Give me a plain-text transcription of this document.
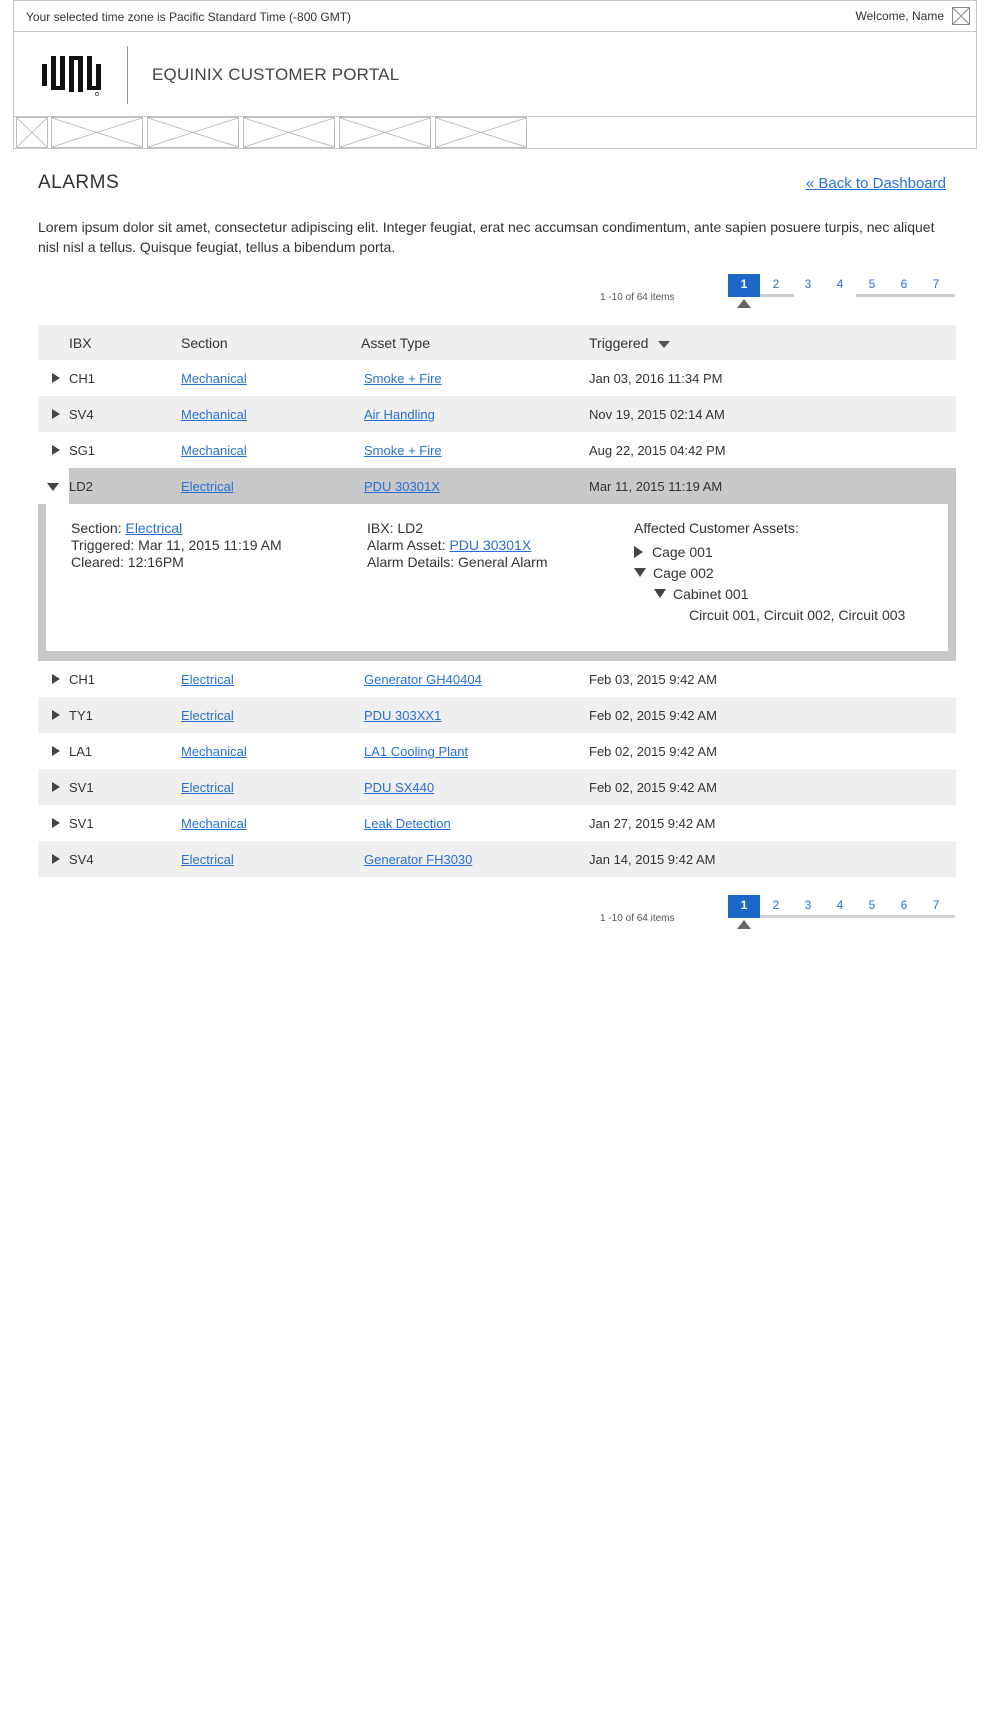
Your selected time zone is Pacific Standard Time (-800 GMT)	Welcome, Name
EQUINIX CUSTOMER PORTAL
ALARMS	« Back to Dashboard
Lorem ipsum dolor sit amet, consectetur adipiscing elit. Integer feugiat, erat nec accumsan condimentum, ante sapien posuere turpis, nec aliquet nisl nisl a tellus. Quisque feugiat, tellus a bibendum porta.
1 -10 of 64 items
1	2	3	4	5	6	7
IBX	Section	Asset Type	Triggered
CH1	Mechanical	Smoke + Fire	Jan 03, 2016 11:34 PM
SV4	Mechanical	Air Handling	Nov 19, 2015 02:14 AM
SG1	Mechanical	Smoke + Fire	Aug 22, 2015 04:42 PM
LD2	Electrical	PDU 30301X	Mar 11, 2015 11:19 AM
Section: Electrical
Triggered: Mar 11, 2015 11:19 AM
Cleared: 12:16PM
IBX: LD2
Alarm Asset: PDU 30301X
Alarm Details: General Alarm
Affected Customer Assets:
Cage 001
Cage 002
Cabinet 001
Circuit 001, Circuit 002, Circuit 003
CH1	Electrical	Generator GH40404	Feb 03, 2015 9:42 AM
TY1	Electrical	PDU 303XX1	Feb 02, 2015 9:42 AM
LA1	Mechanical	LA1 Cooling Plant	Feb 02, 2015 9:42 AM
SV1	Electrical	PDU SX440	Feb 02, 2015 9:42 AM
SV1	Mechanical	Leak Detection	Jan 27, 2015 9:42 AM
SV4	Electrical	Generator FH3030	Jan 14, 2015 9:42 AM
1 -10 of 64 items
1	2	3	4	5	6	7
